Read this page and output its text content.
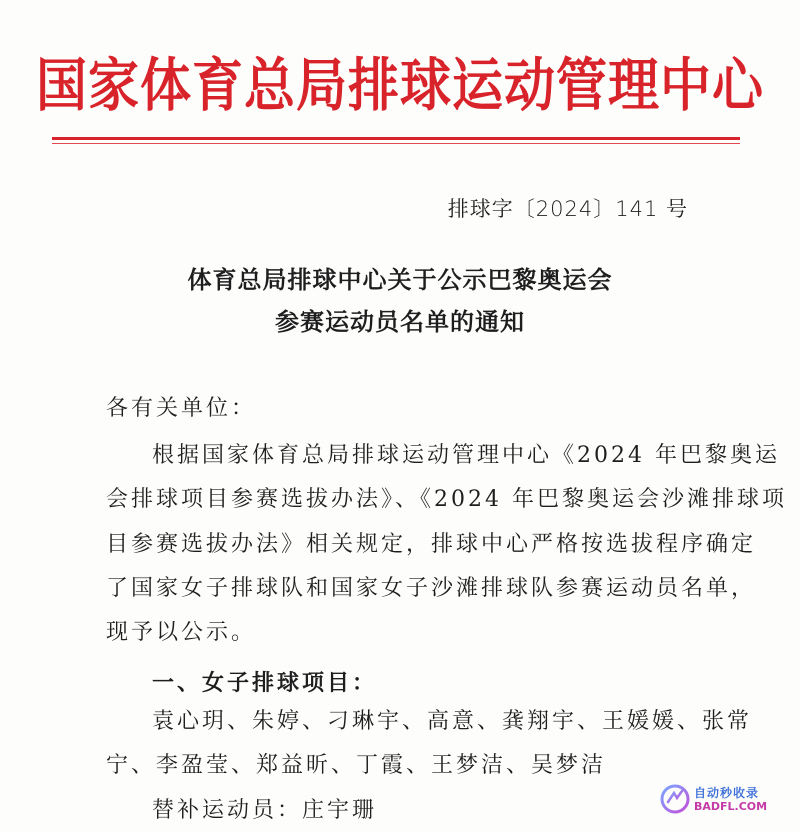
国家体育总局排球运动管理中心
排球字〔2024〕141 号
体育总局排球中心关于公示巴黎奥运会
参赛运动员名单的通知
各有关单位：
根据国家体育总局排球运动管理中心《2024 年巴黎奥运
会排球项目参赛选拔办法》、《2024 年巴黎奥运会沙滩排球项
目参赛选拔办法》相关规定，排球中心严格按选拔程序确定
了国家女子排球队和国家女子沙滩排球队参赛运动员名单，
现予以公示。
一、女子排球项目：
袁心玥、朱婷、刁琳宇、高意、龚翔宇、王媛媛、张常
宁、李盈莹、郑益昕、丁霞、王梦洁、吴梦洁
替补运动员：庄宇珊
自动秒收录
BADFL.COM
